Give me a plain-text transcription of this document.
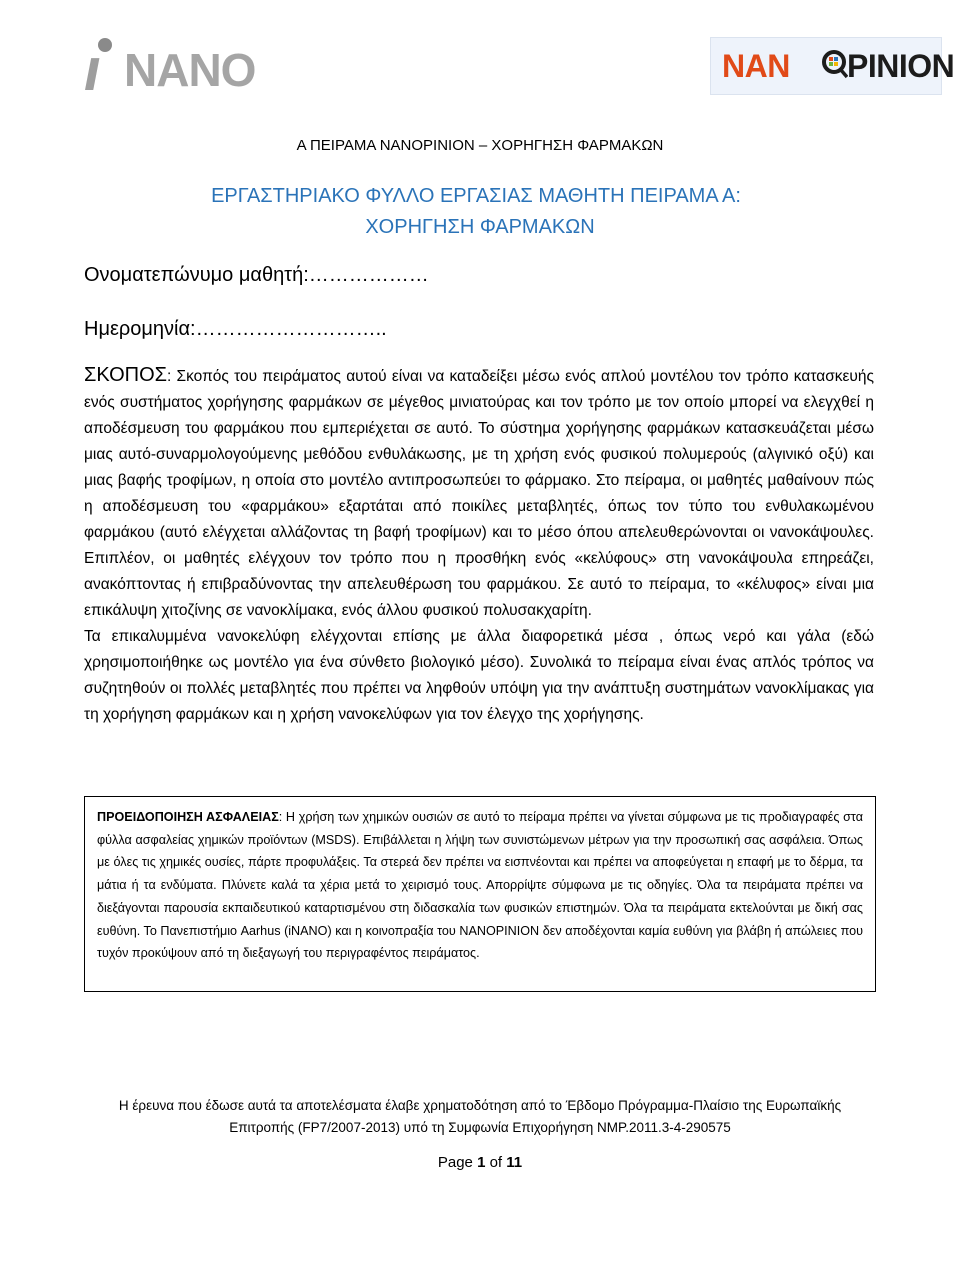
ı NANO	NAN PINION
Α ΠΕΙΡΑΜΑ NANOPINION – ΧΟΡΗΓΗΣΗ ΦΑΡΜΑΚΩΝ
ΕΡΓΑΣΤΗΡΙΑΚΟ ΦΥΛΛΟ ΕΡΓΑΣΙΑΣ ΜΑΘΗΤΗ ΠΕΙΡΑΜΑ Α:
ΧΟΡΗΓΗΣΗ ΦΑΡΜΑΚΩΝ
Ονοματεπώνυμο μαθητή:………………
Ημερομηνία:………………………..

ΣΚΟΠΟΣ: Σκοπός του πειράματος αυτού είναι να καταδείξει μέσω ενός απλού μοντέλου τον τρόπο κατασκευής ενός συστήματος χορήγησης φαρμάκων σε μέγεθος μινιατούρας και τον τρόπο με τον οποίο μπορεί να ελεγχθεί η αποδέσμευση του φαρμάκου που εμπεριέχεται σε αυτό. Το σύστημα χορήγησης φαρμάκων κατασκευάζεται μέσω μιας αυτό-συναρμολογούμενης μεθόδου ενθυλάκωσης, με τη χρήση ενός φυσικού πολυμερούς (αλγινικό οξύ) και μιας βαφής τροφίμων, η οποία στο μοντέλο αντιπροσωπεύει το φάρμακο. Στο πείραμα, οι μαθητές μαθαίνουν πώς η αποδέσμευση του «φαρμάκου» εξαρτάται από ποικίλες μεταβλητές, όπως τον τύπο του ενθυλακωμένου φαρμάκου (αυτό ελέγχεται αλλάζοντας τη βαφή τροφίμων) και το μέσο όπου απελευθερώνονται οι νανοκάψουλες. Επιπλέον, οι μαθητές ελέγχουν τον τρόπο που η προσθήκη ενός «κελύφους» στη νανοκάψουλα επηρεάζει, ανακόπτοντας ή επιβραδύνοντας την απελευθέρωση του φαρμάκου. Σε αυτό το πείραμα, το «κέλυφος» είναι μια επικάλυψη χιτοζίνης σε νανοκλίμακα, ενός άλλου φυσικού πολυσακχαρίτη.

Τα επικαλυμμένα νανοκελύφη ελέγχονται επίσης με άλλα διαφορετικά μέσα , όπως νερό και γάλα (εδώ χρησιμοποιήθηκε ως μοντέλο για ένα σύνθετο βιολογικό μέσο). Συνολικά το πείραμα είναι ένας απλός τρόπος να συζητηθούν οι πολλές μεταβλητές που πρέπει να ληφθούν υπόψη για την ανάπτυξη συστημάτων νανοκλίμακας για τη χορήγηση φαρμάκων και η χρήση νανοκελύφων για τον έλεγχο της χορήγησης.

ΠΡΟΕΙΔΟΠΟΙΗΣΗ ΑΣΦΑΛΕΙΑΣ: Η χρήση των χημικών ουσιών σε αυτό το πείραμα πρέπει να γίνεται σύμφωνα με τις προδιαγραφές στα φύλλα ασφαλείας χημικών προϊόντων (MSDS). Επιβάλλεται η λήψη των συνιστώμενων μέτρων για την προσωπική σας ασφάλεια. Όπως με όλες τις χημικές ουσίες, πάρτε προφυλάξεις. Τα στερεά δεν πρέπει να εισπνέονται και πρέπει να αποφεύγεται η επαφή με το δέρμα, τα μάτια ή τα ενδύματα. Πλύνετε καλά τα χέρια μετά το χειρισμό τους. Απορρίψτε σύμφωνα με τις οδηγίες. Όλα τα πειράματα πρέπει να διεξάγονται παρουσία εκπαιδευτικού καταρτισμένου στη διδασκαλία των φυσικών επιστημών. Όλα τα πειράματα εκτελούνται με δική σας ευθύνη. Το Πανεπιστήμιο Aarhus (iNANO) και η κοινοπραξία του NANOPINION δεν αποδέχονται καμία ευθύνη για βλάβη ή απώλειες που τυχόν προκύψουν από τη διεξαγωγή του περιγραφέντος πειράματος.
Η έρευνα που έδωσε αυτά τα αποτελέσματα έλαβε χρηματοδότηση από το Έβδομο Πρόγραμμα-Πλαίσιο της Ευρωπαϊκής
Επιτροπής (FP7/2007-2013) υπό τη Συμφωνία Επιχορήγηση NMP.2011.3-4-290575
Page 1 of 11
